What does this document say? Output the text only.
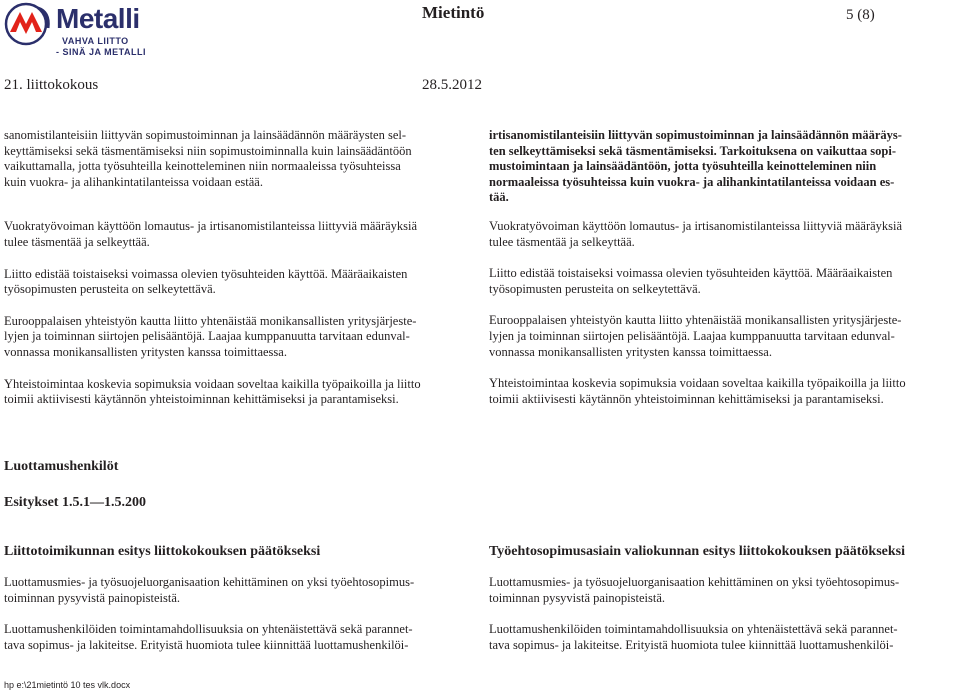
Metalli
VAHVA LIITTO
- SINÄ JA METALLI
Mietintö	5 (8)
21. liittokokous	28.5.2012

sanomistilanteisiin liittyvän sopimustoiminnan ja lainsäädännön määräysten sel-
keyttämiseksi sekä täsmentämiseksi niin sopimustoiminnalla kuin lainsäädäntöön
vaikuttamalla, jotta työsuhteilla keinotteleminen niin normaaleissa työsuhteissa
kuin vuokra- ja alihankintatilanteissa voidaan estää.

Vuokratyövoiman käyttöön lomautus- ja irtisanomistilanteissa liittyviä määräyksiä
tulee täsmentää ja selkeyttää.

Liitto edistää toistaiseksi voimassa olevien työsuhteiden käyttöä. Määräaikaisten
työsopimusten perusteita on selkeytettävä.

Eurooppalaisen yhteistyön kautta liitto yhtenäistää monikansallisten yritysjärjeste-
lyjen ja toiminnan siirtojen pelisääntöjä. Laajaa kumppanuutta tarvitaan edunval-
vonnassa monikansallisten yritysten kanssa toimittaessa.

Yhteistoimintaa koskevia sopimuksia voidaan soveltaa kaikilla työpaikoilla ja liitto
toimii aktiivisesti käytännön yhteistoiminnan kehittämiseksi ja parantamiseksi.

irtisanomistilanteisiin liittyvän sopimustoiminnan ja lainsäädännön määräys-
ten selkeyttämiseksi sekä täsmentämiseksi. Tarkoituksena on vaikuttaa sopi-
mustoimintaan ja lainsäädäntöön, jotta työsuhteilla keinotteleminen niin
normaaleissa työsuhteissa kuin vuokra- ja alihankintatilanteissa voidaan es-
tää.

Vuokratyövoiman käyttöön lomautus- ja irtisanomistilanteissa liittyviä määräyksiä
tulee täsmentää ja selkeyttää.

Liitto edistää toistaiseksi voimassa olevien työsuhteiden käyttöä. Määräaikaisten
työsopimusten perusteita on selkeytettävä.

Eurooppalaisen yhteistyön kautta liitto yhtenäistää monikansallisten yritysjärjeste-
lyjen ja toiminnan siirtojen pelisääntöjä. Laajaa kumppanuutta tarvitaan edunval-
vonnassa monikansallisten yritysten kanssa toimittaessa.

Yhteistoimintaa koskevia sopimuksia voidaan soveltaa kaikilla työpaikoilla ja liitto
toimii aktiivisesti käytännön yhteistoiminnan kehittämiseksi ja parantamiseksi.

Luottamushenkilöt
Esitykset 1.5.1—1.5.200

Liittotoimikunnan esitys liittokokouksen päätökseksi

Luottamusmies- ja työsuojeluorganisaation kehittäminen on yksi työehtosopimus-
toiminnan pysyvistä painopisteistä.

Luottamushenkilöiden toimintamahdollisuuksia on yhtenäistettävä sekä parannet-
tava sopimus- ja lakiteitse. Erityistä huomiota tulee kiinnittää luottamushenkilöi-

Työehtosopimusasiain valiokunnan esitys liittokokouksen päätökseksi

Luottamusmies- ja työsuojeluorganisaation kehittäminen on yksi työehtosopimus-
toiminnan pysyvistä painopisteistä.

Luottamushenkilöiden toimintamahdollisuuksia on yhtenäistettävä sekä parannet-
tava sopimus- ja lakiteitse. Erityistä huomiota tulee kiinnittää luottamushenkilöi-

hp e:\21mietintö 10 tes vlk.docx
